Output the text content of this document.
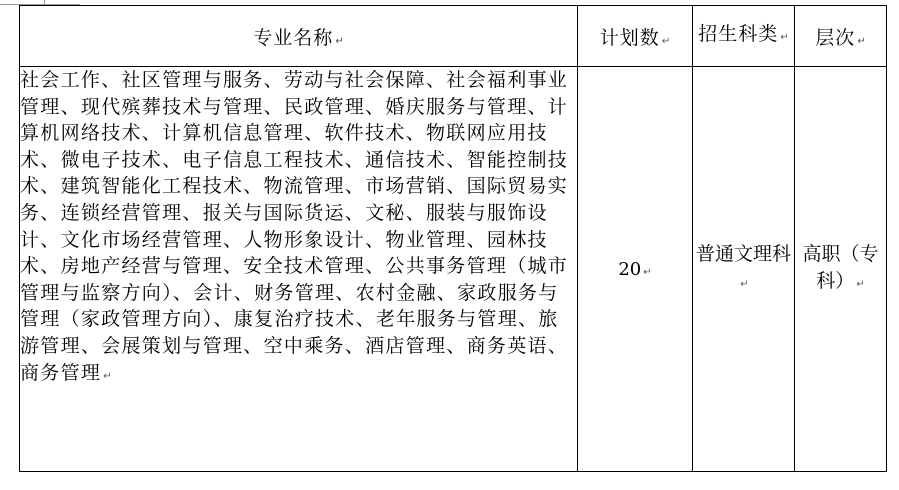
专业名称 ↵	计划数 ↵	招生科类 ↵	层次 ↵
社会工作、社区管理与服务、劳动与社会保障、社会福利事业管理、现代殡葬技术与管理、民政管理、婚庆服务与管理、计算机网络技术、计算机信息管理、软件技术、物联网应用技术、微电子技术、电子信息工程技术、通信技术、智能控制技术、建筑智能化工程技术、物流管理、市场营销、国际贸易实务、连锁经营管理、报关与国际货运、文秘、服装与服饰设计、文化市场经营管理、人物形象设计、物业管理、园林技术、房地产经营与管理、安全技术管理、公共事务管理（城市管理与监察方向）、会计、财务管理、农村金融、家政服务与管理（家政管理方向）、康复治疗技术、老年服务与管理、旅游管理、会展策划与管理、空中乘务、酒店管理、商务英语、商务管理 ↵	20 ↵	普通文理科↵	高职（专科） ↵
